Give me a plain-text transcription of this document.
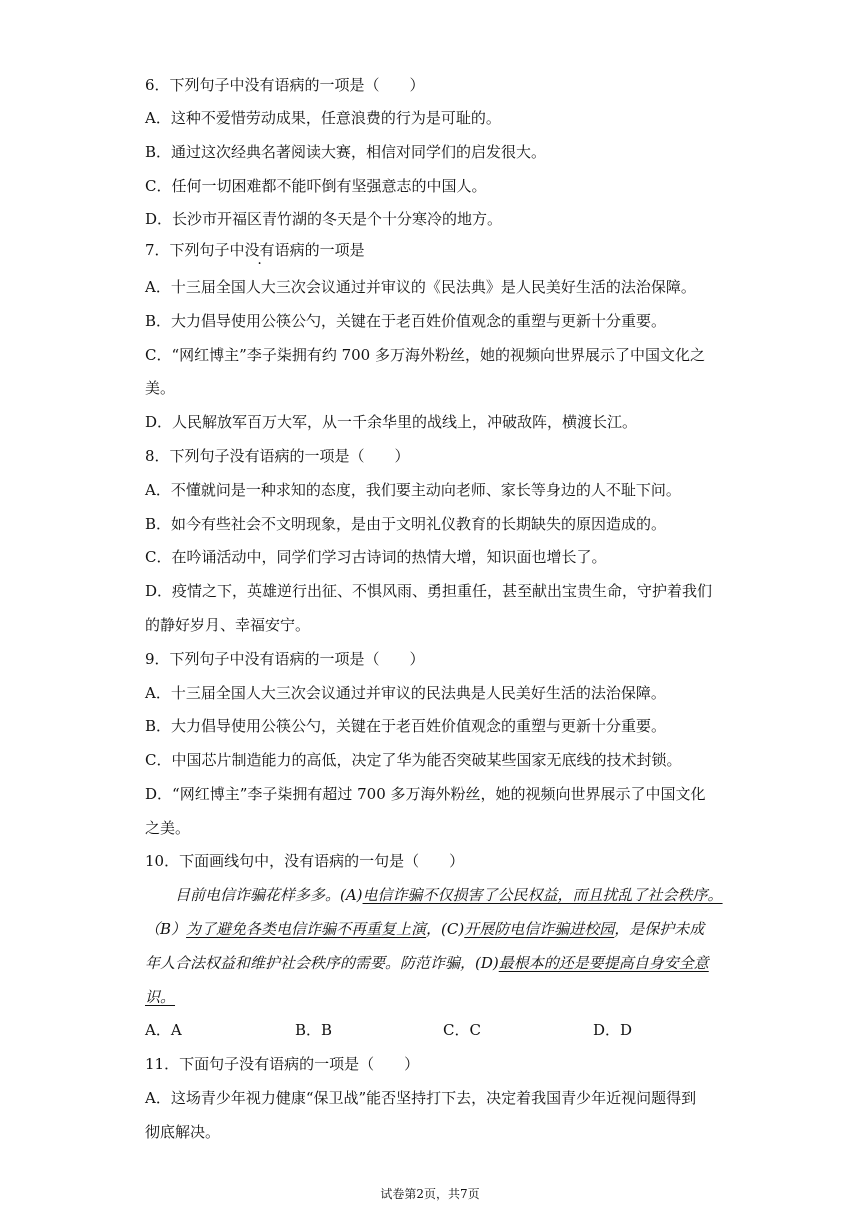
6．下列句子中没有语病的一项是（　　）
A．这种不爱惜劳动成果，任意浪费的行为是可耻的。
B．通过这次经典名著阅读大赛，相信对同学们的启发很大。
C．任何一切困难都不能吓倒有坚强意志的中国人。
D．长沙市开福区青竹湖的冬天是个十分寒冷的地方。
7．下列句子中没有语病的一项是
A．十三届全国人大三次会议通过并审议的《民法典》是人民美好生活的法治保障。
B．大力倡导使用公筷公勺，关键在于老百姓价值观念的重塑与更新十分重要。
C．“网红博主”李子柒拥有约 700 多万海外粉丝，她的视频向世界展示了中国文化之
美。
D．人民解放军百万大军，从一千余华里的战线上，冲破敌阵，横渡长江。
8．下列句子没有语病的一项是（　　）
A．不懂就问是一种求知的态度，我们要主动向老师、家长等身边的人不耻下问。
B．如今有些社会不文明现象，是由于文明礼仪教育的长期缺失的原因造成的。
C．在吟诵活动中，同学们学习古诗词的热情大增，知识面也增长了。
D．疫情之下，英雄逆行出征、不惧风雨、勇担重任，甚至献出宝贵生命，守护着我们
的静好岁月、幸福安宁。
9．下列句子中没有语病的一项是（　　）
A．十三届全国人大三次会议通过并审议的民法典是人民美好生活的法治保障。
B．大力倡导使用公筷公勺，关键在于老百姓价值观念的重塑与更新十分重要。
C．中国芯片制造能力的高低，决定了华为能否突破某些国家无底线的技术封锁。
D．“网红博主”李子柒拥有超过 700 多万海外粉丝，她的视频向世界展示了中国文化
之美。
10．下面画线句中，没有语病的一句是（　　）
目前电信诈骗花样多多。(A)电信诈骗不仅损害了公民权益，而且扰乱了社会秩序。
（B）为了避免各类电信诈骗不再重复上演，(C)开展防电信诈骗进校园，是保护未成
年人合法权益和维护社会秩序的需要。防范诈骗，(D)最根本的还是要提高自身安全意
识。
A．A	B．B	C．C	D．D
11．下面句子没有语病的一项是（　　）
A．这场青少年视力健康“保卫战”能否坚持打下去，决定着我国青少年近视问题得到
彻底解决。
试卷第2页，共7页
